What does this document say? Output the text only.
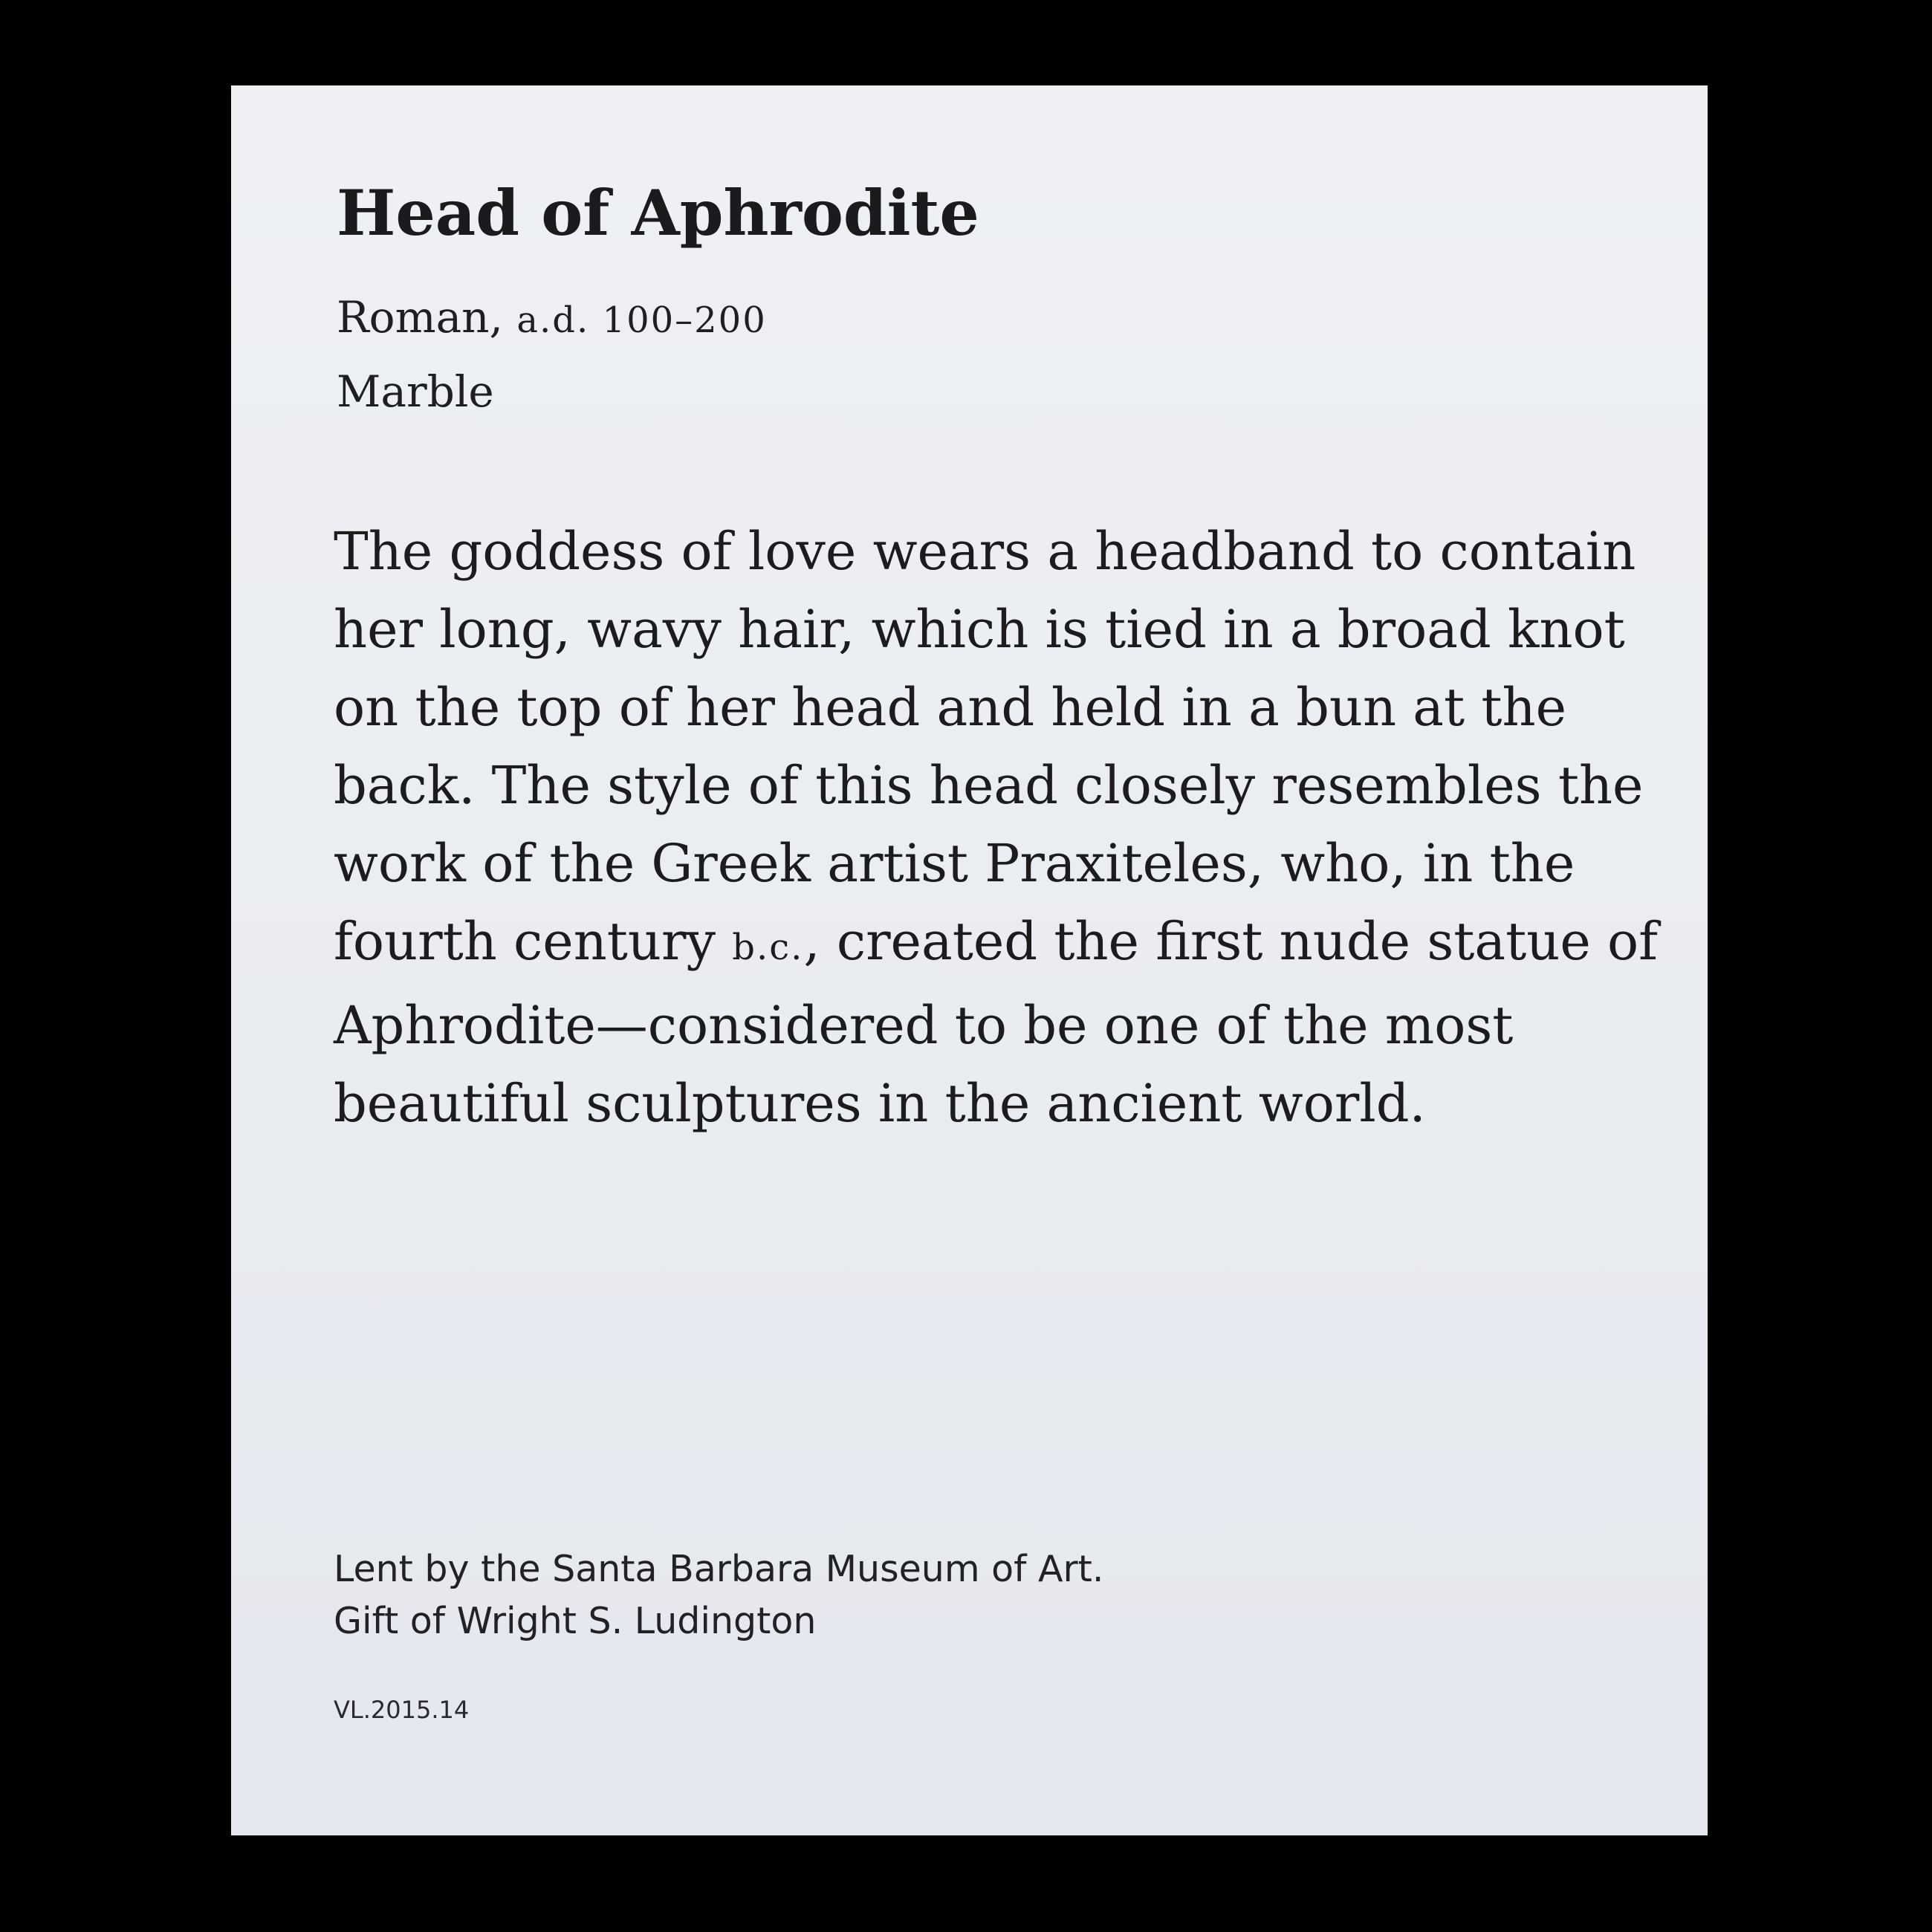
Head of Aphrodite

Roman, a.d. 100–200

Marble

The goddess of love wears a headband to contain
her long, wavy hair, which is tied in a broad knot
on the top of her head and held in a bun at the
back. The style of this head closely resembles the
work of the Greek artist Praxiteles, who, in the
fourth century b.c., created the first nude statue of
Aphrodite—considered to be one of the most
beautiful sculptures in the ancient world.

Lent by the Santa Barbara Museum of Art.
Gift of Wright S. Ludington

VL.2015.14
